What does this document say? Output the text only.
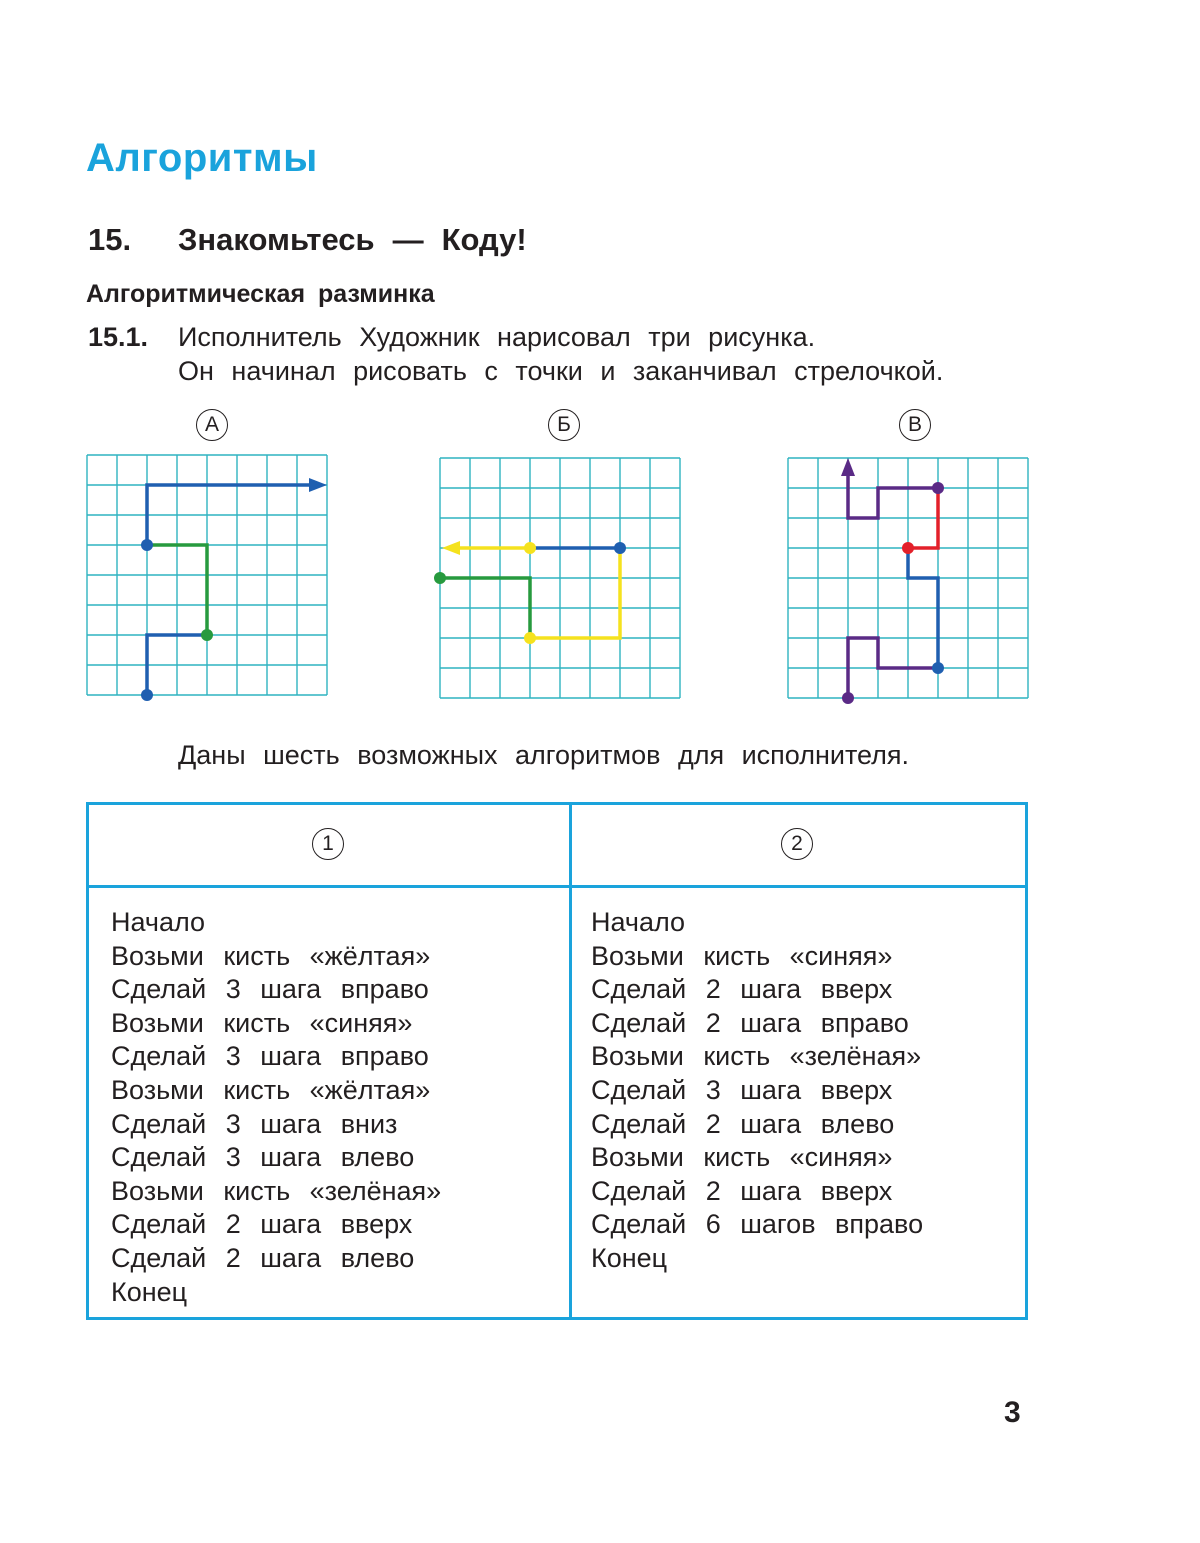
Алгоритмы
15. Знакомьтесь — Коду!
Алгоритмическая разминка
15.1. Исполнитель Художник нарисовал три рисунка.
Он начинал рисовать с точки и заканчивал стрелочкой.
А	Б	В
Даны шесть возможных алгоритмов для исполнителя.
1
Начало
Возьми кисть «жёлтая»
Сделай 3 шага вправо
Возьми кисть «синяя»
Сделай 3 шага вправо
Возьми кисть «жёлтая»
Сделай 3 шага вниз
Сделай 3 шага влево
Возьми кисть «зелёная»
Сделай 2 шага вверх
Сделай 2 шага влево
Конец
2
Начало
Возьми кисть «синяя»
Сделай 2 шага вверх
Сделай 2 шага вправо
Возьми кисть «зелёная»
Сделай 3 шага вверх
Сделай 2 шага влево
Возьми кисть «синяя»
Сделай 2 шага вверх
Сделай 6 шагов вправо
Конец
3
